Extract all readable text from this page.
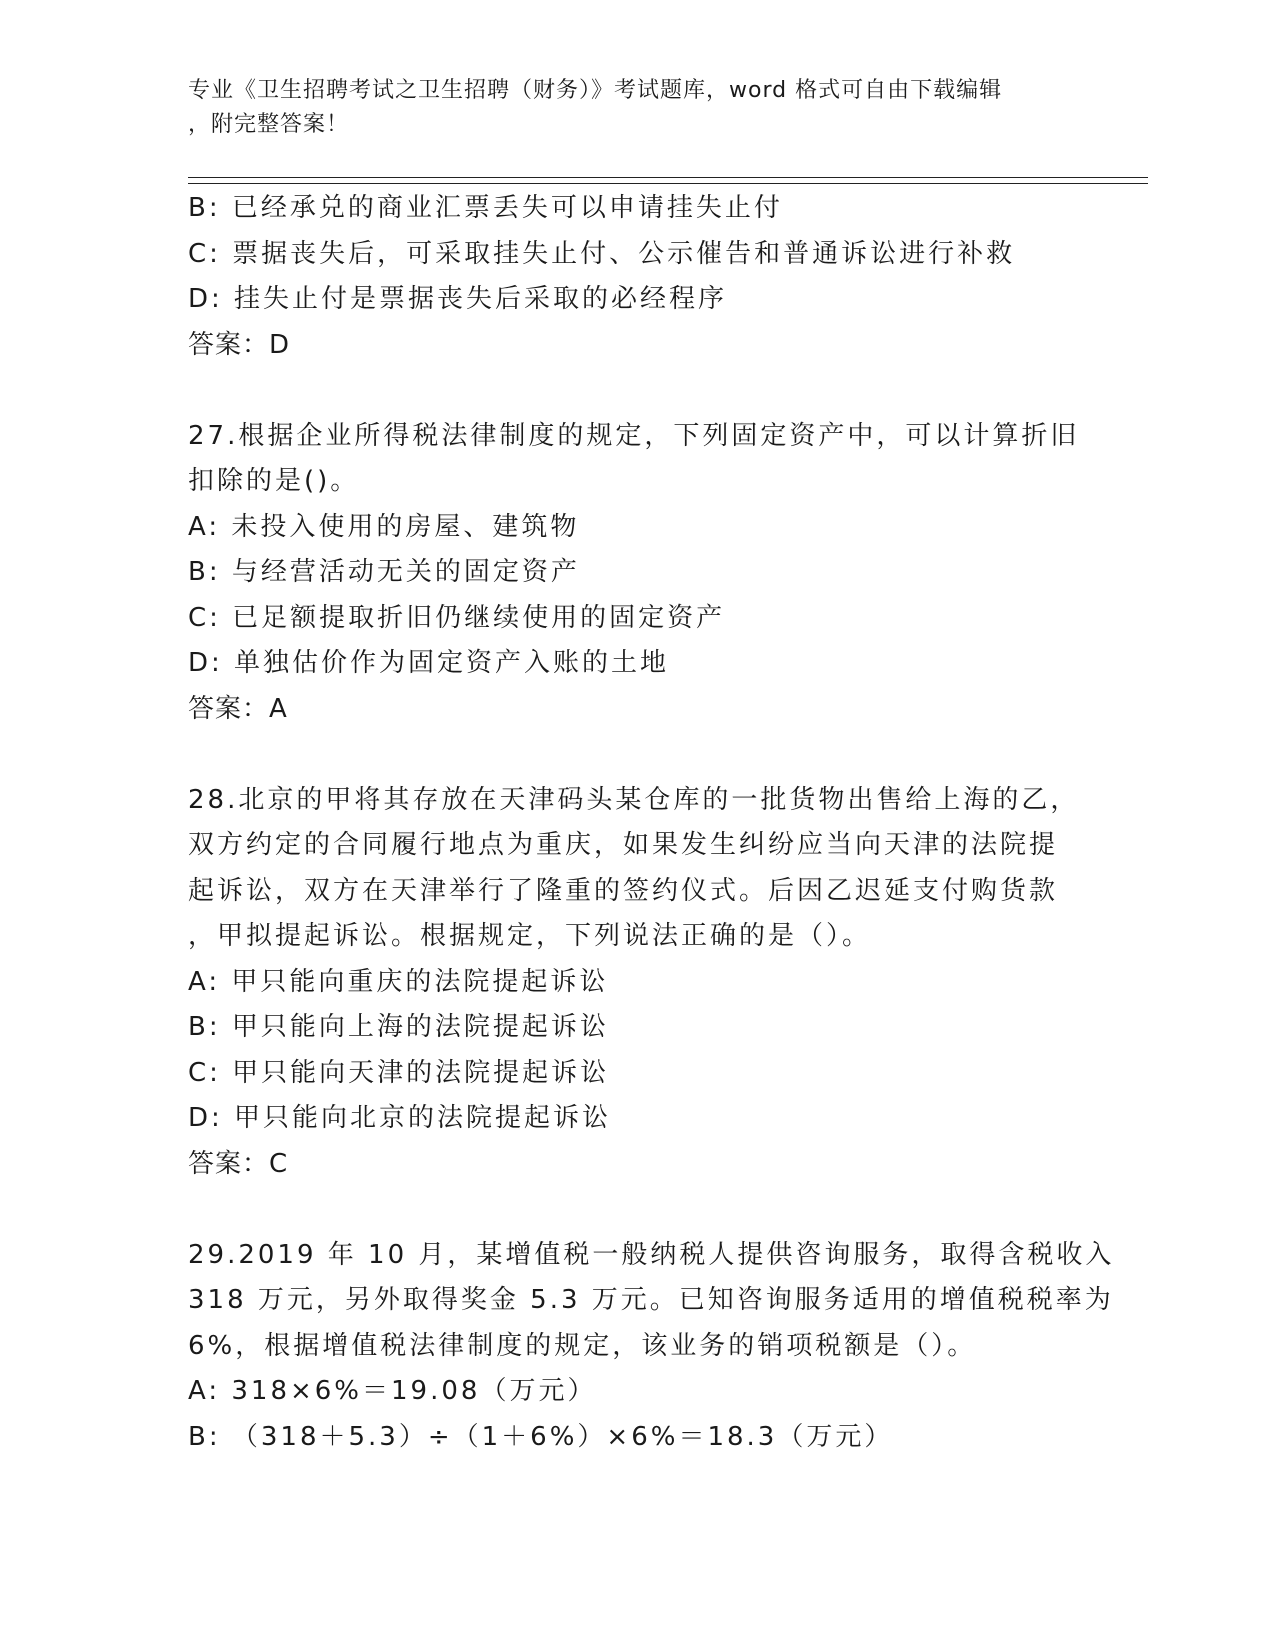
专业《卫生招聘考试之卫生招聘（财务）》考试题库，word 格式可自由下载编辑
，附完整答案！
B: 已经承兑的商业汇票丢失可以申请挂失止付
C: 票据丧失后，可采取挂失止付、公示催告和普通诉讼进行补救
D: 挂失止付是票据丧失后采取的必经程序
答案：D
27.根据企业所得税法律制度的规定，下列固定资产中，可以计算折旧
扣除的是()。
A: 未投入使用的房屋、建筑物
B: 与经营活动无关的固定资产
C: 已足额提取折旧仍继续使用的固定资产
D: 单独估价作为固定资产入账的土地
答案：A
28.北京的甲将其存放在天津码头某仓库的一批货物出售给上海的乙，
双方约定的合同履行地点为重庆，如果发生纠纷应当向天津的法院提
起诉讼，双方在天津举行了隆重的签约仪式。后因乙迟延支付购货款
，甲拟提起诉讼。根据规定，下列说法正确的是（）。
A: 甲只能向重庆的法院提起诉讼
B: 甲只能向上海的法院提起诉讼
C: 甲只能向天津的法院提起诉讼
D: 甲只能向北京的法院提起诉讼
答案：C
29.2019 年 10 月，某增值税一般纳税人提供咨询服务，取得含税收入
318 万元，另外取得奖金 5.3 万元。已知咨询服务适用的增值税税率为
6%，根据增值税法律制度的规定，该业务的销项税额是（）。
A: 318×6%＝19.08（万元）
B: （318＋5.3）÷（1＋6%）×6%＝18.3（万元）
